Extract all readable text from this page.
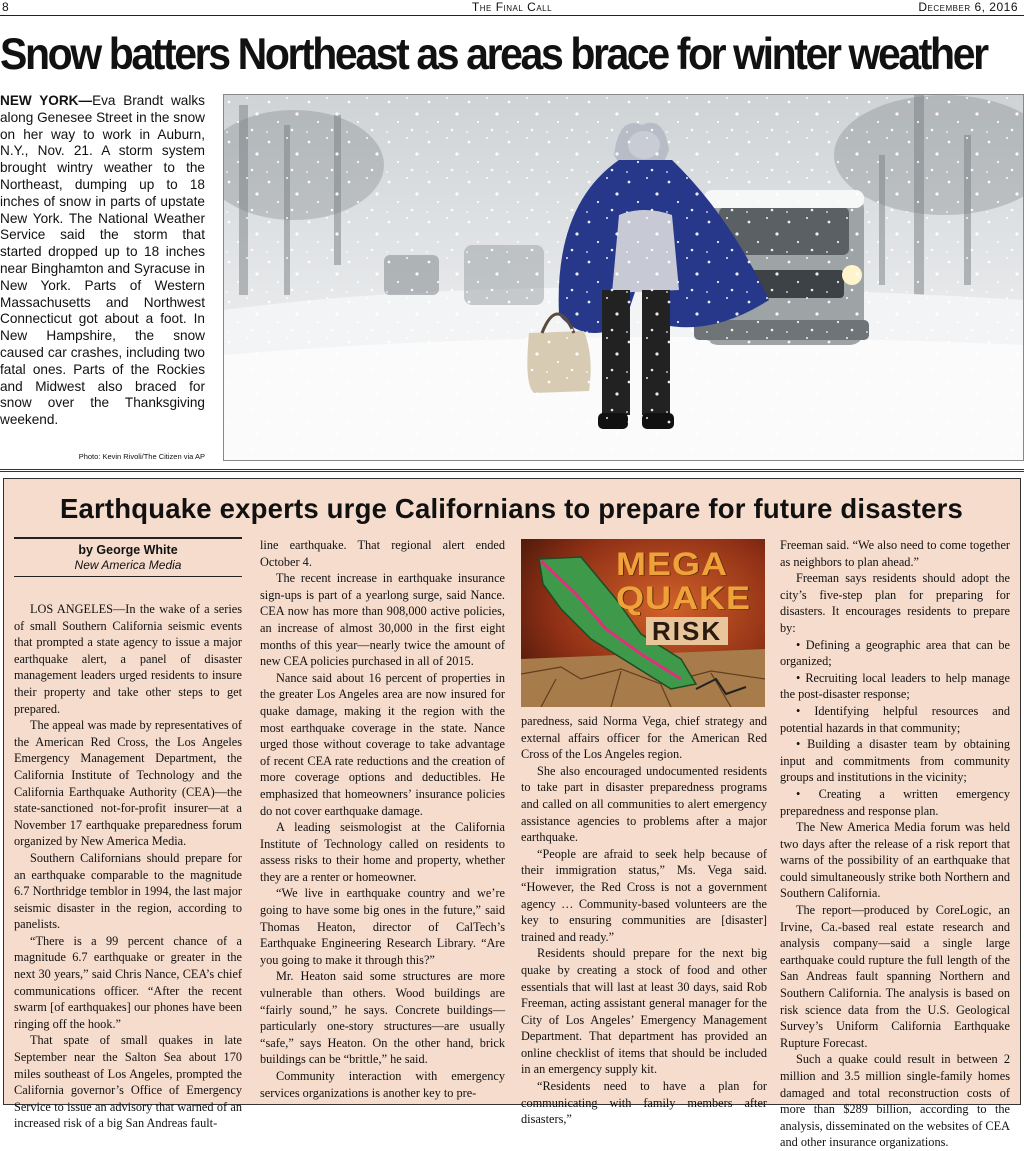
8	The Final Call	December 6, 2016
Snow batters Northeast as areas brace for winter weather
NEW YORK—Eva Brandt walks along Genesee Street in the snow on her way to work in Auburn, N.Y., Nov. 21. A storm system brought wintry weather to the Northeast, dumping up to 18 inches of snow in parts of upstate New York. The National Weather Service said the storm that started dropped up to 18 inches near Binghamton and Syracuse in New York. Parts of Western Massachusetts and Northwest Connecticut got about a foot. In New Hampshire, the snow caused car crashes, including two fatal ones. Parts of the Rockies and Midwest also braced for snow over the Thanksgiving weekend.
Photo: Kevin Rivoli/The Citizen via AP
Earthquake experts urge Californians to prepare for future disasters
by George White
New America Media

LOS ANGELES—In the wake of a series of small Southern California seismic events that prompted a state agency to issue a major earthquake alert, a panel of disaster management leaders urged residents to insure their property and take other steps to get prepared.

The appeal was made by representatives of the American Red Cross, the Los Angeles Emergency Management Department, the California Institute of Technology and the California Earthquake Authority (CEA)—the state-sanctioned not-for-profit insurer—at a November 17 earthquake preparedness forum organized by New America Media.

Southern Californians should prepare for an earthquake comparable to the magnitude 6.7 Northridge temblor in 1994, the last major seismic disaster in the region, according to panelists.

“There is a 99 percent chance of a magnitude 6.7 earthquake or greater in the next 30 years,” said Chris Nance, CEA’s chief communications officer. “After the recent swarm [of earthquakes] our phones have been ringing off the hook.”

That spate of small quakes in late September near the Salton Sea about 170 miles southeast of Los Angeles, prompted the California governor’s Office of Emergency Service to issue an advisory that warned of an increased risk of a big San Andreas fault-

line earthquake. That regional alert ended October 4.

The recent increase in earthquake insurance sign-ups is part of a yearlong surge, said Nance. CEA now has more than 908,000 active policies, an increase of almost 30,000 in the first eight months of this year—nearly twice the amount of new CEA policies purchased in all of 2015.

Nance said about 16 percent of properties in the greater Los Angeles area are now insured for quake damage, making it the region with the most earthquake coverage in the state. Nance urged those without coverage to take advantage of recent CEA rate reductions and the creation of more coverage options and deductibles. He emphasized that homeowners’ insurance policies do not cover earthquake damage.

A leading seismologist at the California Institute of Technology called on residents to assess risks to their home and property, whether they are a renter or homeowner.

“We live in earthquake country and we’re going to have some big ones in the future,” said Thomas Heaton, director of CalTech’s Earthquake Engineering Research Library. “Are you going to make it through this?”

Mr. Heaton said some structures are more vulnerable than others. Wood buildings are “fairly sound,” he says. Concrete buildings—particularly one-story structures—are usually “safe,” says Heaton. On the other hand, brick buildings can be “brittle,” he said.

Community interaction with emergency services organizations is another key to pre-

MEGA
QUAKE
RISK

paredness, said Norma Vega, chief strategy and external affairs officer for the American Red Cross of the Los Angeles region.

She also encouraged undocumented residents to take part in disaster preparedness programs and called on all communities to alert emergency assistance agencies to problems after a major earthquake.

“People are afraid to seek help because of their immigration status,” Ms. Vega said. “However, the Red Cross is not a government agency … Community-based volunteers are the key to ensuring communities are [disaster] trained and ready.”

Residents should prepare for the next big quake by creating a stock of food and other essentials that will last at least 30 days, said Rob Freeman, acting assistant general manager for the City of Los Angeles’ Emergency Management Department. That department has provided an online checklist of items that should be included in an emergency supply kit.

“Residents need to have a plan for communicating with family members after disasters,”

Freeman said. “We also need to come together as neighbors to plan ahead.”

Freeman says residents should adopt the city’s five-step plan for preparing for disasters. It encourages residents to prepare by:

• Defining a geographic area that can be organized;

• Recruiting local leaders to help manage the post-disaster response;

• Identifying helpful resources and potential hazards in that community;

• Building a disaster team by obtaining input and commitments from community groups and institutions in the vicinity;

• Creating a written emergency preparedness and response plan.

The New America Media forum was held two days after the release of a risk report that warns of the possibility of an earthquake that could simultaneously strike both Northern and Southern California.

The report—produced by CoreLogic, an Irvine, Ca.-based real estate research and analysis company—said a single large earthquake could rupture the full length of the San Andreas fault spanning Northern and Southern California. The analysis is based on risk science data from the U.S. Geological Survey’s Uniform California Earthquake Rupture Forecast.

Such a quake could result in between 2 million and 3.5 million single-family homes damaged and total reconstruction costs of more than $289 billion, according to the analysis, disseminated on the websites of CEA and other insurance organizations.
